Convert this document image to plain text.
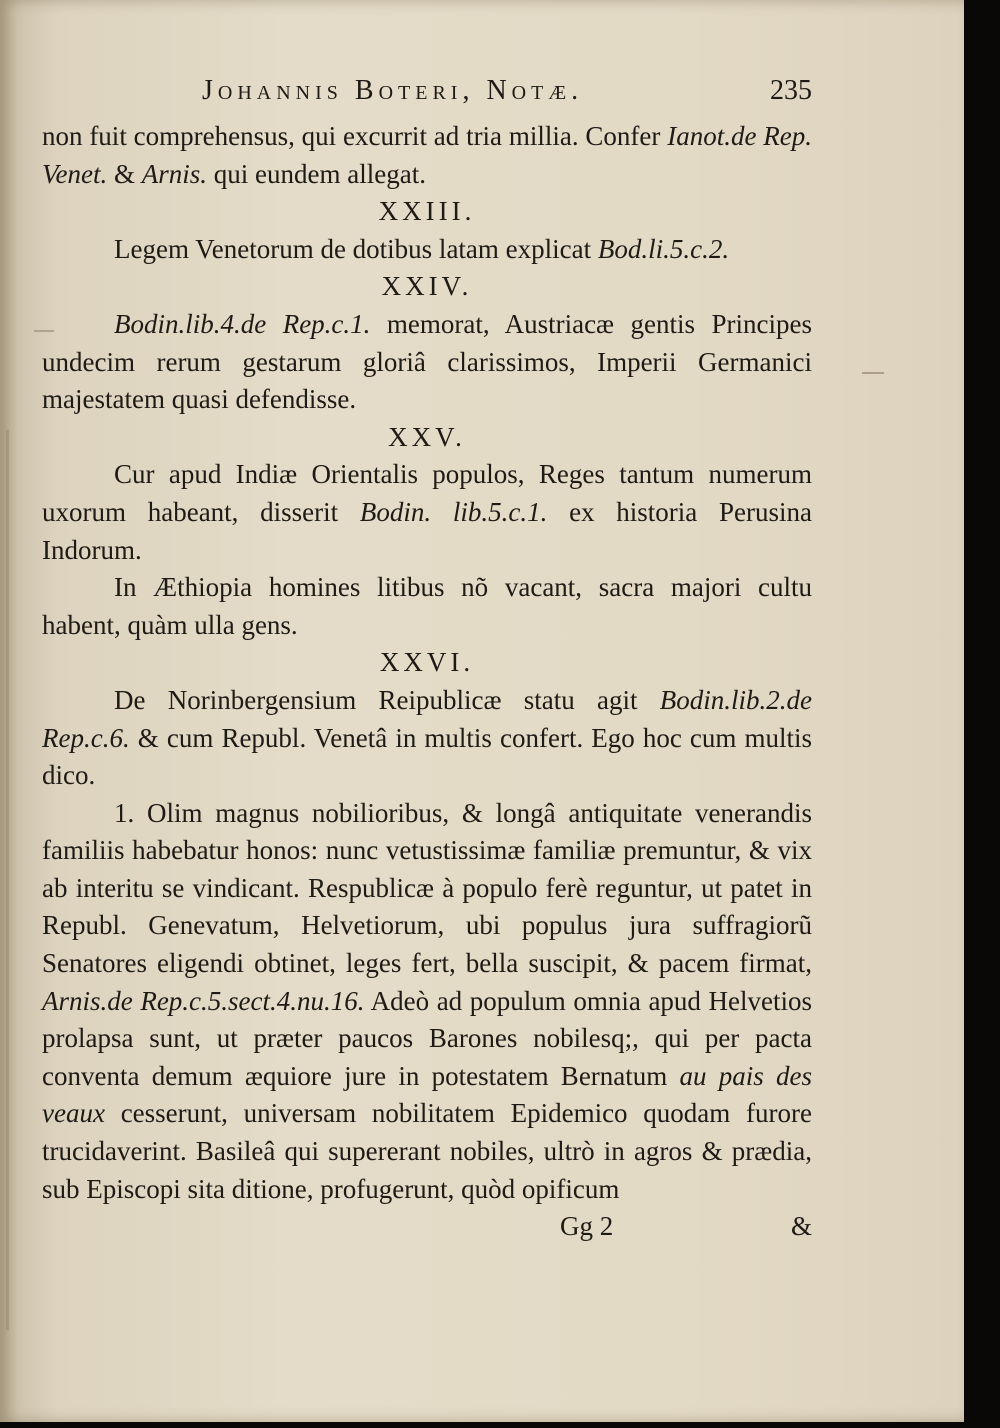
Johannis Boteri, Notæ.	235

non fuit comprehensus, qui excurrit ad tria millia. Confer Ianot.de Rep. Venet. & Arnis. qui eundem allegat.

XXIII.

Legem Venetorum de dotibus latam explicat Bod.li.5.c.2.

XXIV.

Bodin.lib.4.de Rep.c.1. memorat, Austriacæ gentis Principes undecim rerum gestarum gloriâ clarissimos, Imperii Germanici majestatem quasi defendisse.

XXV.

Cur apud Indiæ Orientalis populos, Reges tantum numerum uxorum habeant, disserit Bodin. lib.5.c.1. ex historia Perusina Indorum.

In Æthiopia homines litibus nõ vacant, sacra majori cultu habent, quàm ulla gens.

XXVI.

De Norinbergensium Reipublicæ statu agit Bodin.lib.2.de Rep.c.6. & cum Republ. Venetâ in multis confert. Ego hoc cum multis dico.

1. Olim magnus nobilioribus, & longâ antiquitate venerandis familiis habebatur honos: nunc vetustissimæ familiæ premuntur, & vix ab interitu se vindicant. Respublicæ à populo ferè reguntur, ut patet in Republ. Genevatum, Helvetiorum, ubi populus jura suffragiorũ Senatores eligendi obtinet, leges fert, bella suscipit, & pacem firmat, Arnis.de Rep.c.5.sect.4.nu.16. Adeò ad populum omnia apud Helvetios prolapsa sunt, ut præter paucos Barones nobilesq;, qui per pacta conventa demum æquiore jure in potestatem Bernatum au pais des veaux cesserunt, universam nobilitatem Epidemico quodam furore trucidaverint. Basileâ qui supererant nobiles, ultrò in agros & prædia, sub Episcopi sita ditione, profugerunt, quòd opificum

Gg 2	&
